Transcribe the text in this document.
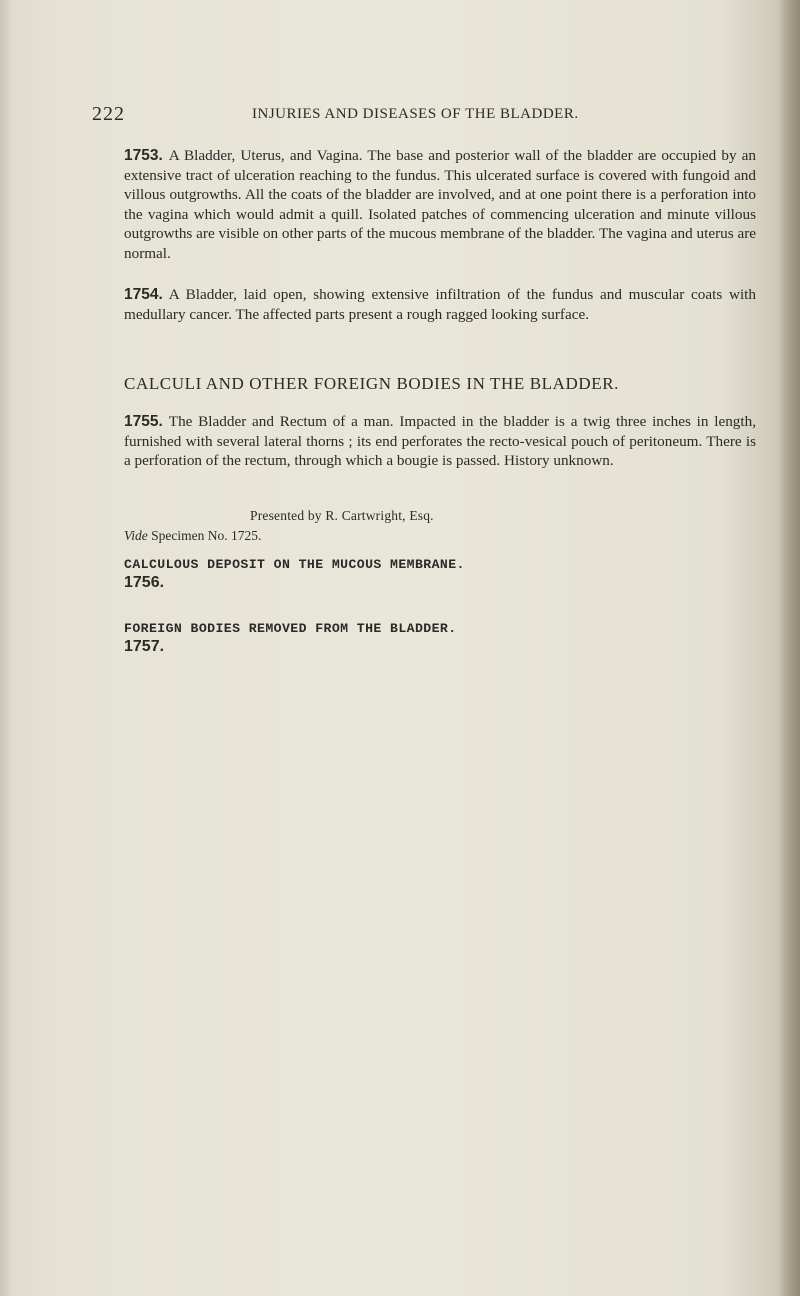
222	INJURIES AND DISEASES OF THE BLADDER.
1753. A Bladder, Uterus, and Vagina. The base and posterior wall of the bladder are occupied by an extensive tract of ulceration reaching to the fundus. This ulcerated surface is covered with fungoid and villous outgrowths. All the coats of the bladder are involved, and at one point there is a perforation into the vagina which would admit a quill. Isolated patches of commencing ulceration and minute villous outgrowths are visible on other parts of the mucous membrane of the bladder. The vagina and uterus are normal.
1754. A Bladder, laid open, showing extensive infiltration of the fundus and muscular coats with medullary cancer. The affected parts present a rough ragged looking surface.
CALCULI AND OTHER FOREIGN BODIES IN THE BLADDER.
1755. The Bladder and Rectum of a man. Impacted in the bladder is a twig three inches in length, furnished with several lateral thorns ; its end perforates the recto-vesical pouch of peritoneum. There is a perforation of the rectum, through which a bougie is passed. History unknown.
Presented by R. Cartwright, Esq.
Vide Specimen No. 1725.
CALCULOUS DEPOSIT ON THE MUCOUS MEMBRANE.
1756.
FOREIGN BODIES REMOVED FROM THE BLADDER.
1757.
